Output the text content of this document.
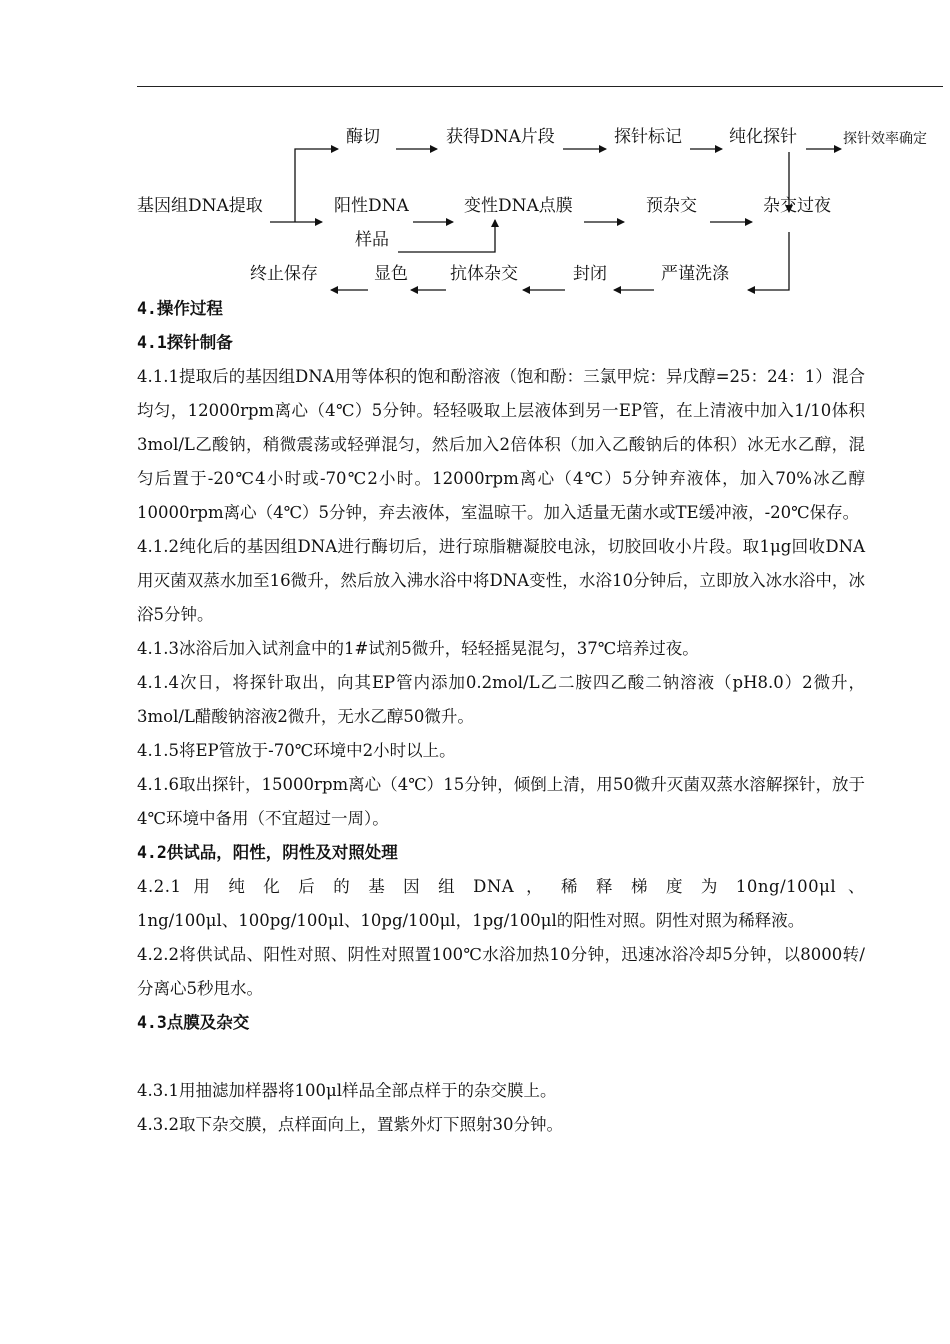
基因组DNA提取
酶切	获得DNA片段	探针标记	纯化探针	探针效率确定
阳性DNA	变性DNA点膜	预杂交	杂交过夜
样品
终止保存	显色 抗体杂交	封闭	严谨洗涤

4.操作过程

4.1探针制备

4.1.1提取后的基因组DNA用等体积的饱和酚溶液（饱和酚：三氯甲烷：异戊醇=25：24：1）混合均匀，12000rpm离心（4℃）5分钟。轻轻吸取上层液体到另一EP管，在上清液中加入1/10体积3mol/L乙酸钠，稍微震荡或轻弹混匀，然后加入2倍体积（加入乙酸钠后的体积）冰无水乙醇，混匀后置于-20℃4小时或-70℃2小时。12000rpm离心（4℃）5分钟弃液体，加入70%冰乙醇10000rpm离心（4℃）5分钟，弃去液体，室温晾干。加入适量无菌水或TE缓冲液，-20℃保存。

4.1.2纯化后的基因组DNA进行酶切后，进行琼脂糖凝胶电泳，切胶回收小片段。取1μg回收DNA用灭菌双蒸水加至16微升，然后放入沸水浴中将DNA变性，水浴10分钟后，立即放入冰水浴中，冰浴5分钟。

4.1.3冰浴后加入试剂盒中的1#试剂5微升，轻轻摇晃混匀，37℃培养过夜。

4.1.4次日，将探针取出，向其EP管内添加0.2mol/L乙二胺四乙酸二钠溶液（pH8.0）2微升，3mol/L醋酸钠溶液2微升，无水乙醇50微升。

4.1.5将EP管放于-70℃环境中2小时以上。

4.1.6取出探针，15000rpm离心（4℃）15分钟，倾倒上清，用50微升灭菌双蒸水溶解探针，放于4℃环境中备用（不宜超过一周）。

4.2供试品，阳性，阴性及对照处理

4.2.1 用 纯 化 后 的 基 因 组 DNA ， 稀 释 梯 度 为 10ng/100μl 、

1ng/100μl、100pg/100μl、10pg/100μl，1pg/100μl的阳性对照。阴性对照为稀释液。

4.2.2将供试品、阳性对照、阴性对照置100℃水浴加热10分钟，迅速冰浴冷却5分钟，以8000转/分离心5秒甩水。

4.3点膜及杂交

4.3.1用抽滤加样器将100μl样品全部点样于的杂交膜上。

4.3.2取下杂交膜，点样面向上，置紫外灯下照射30分钟。
